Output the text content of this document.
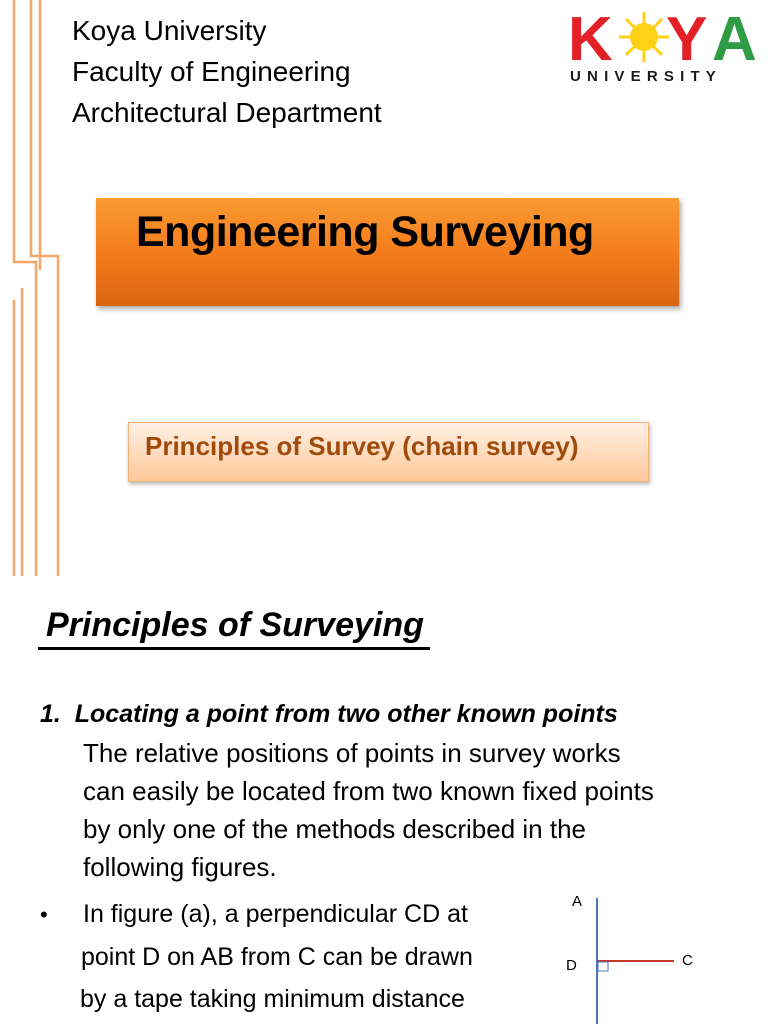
Koya University
Faculty of Engineering
Architectural Department
K Y A
UNIVERSITY
Engineering Surveying
Principles of Survey (chain survey)
Principles of Surveying
1. Locating a point from two other known points
The relative positions of points in survey works
can easily be located from two known fixed points
by only one of the methods described in the
following figures.
• In figure (a), a perpendicular CD at
point D on AB from C can be drawn
by a tape taking minimum distance
A
C
D
